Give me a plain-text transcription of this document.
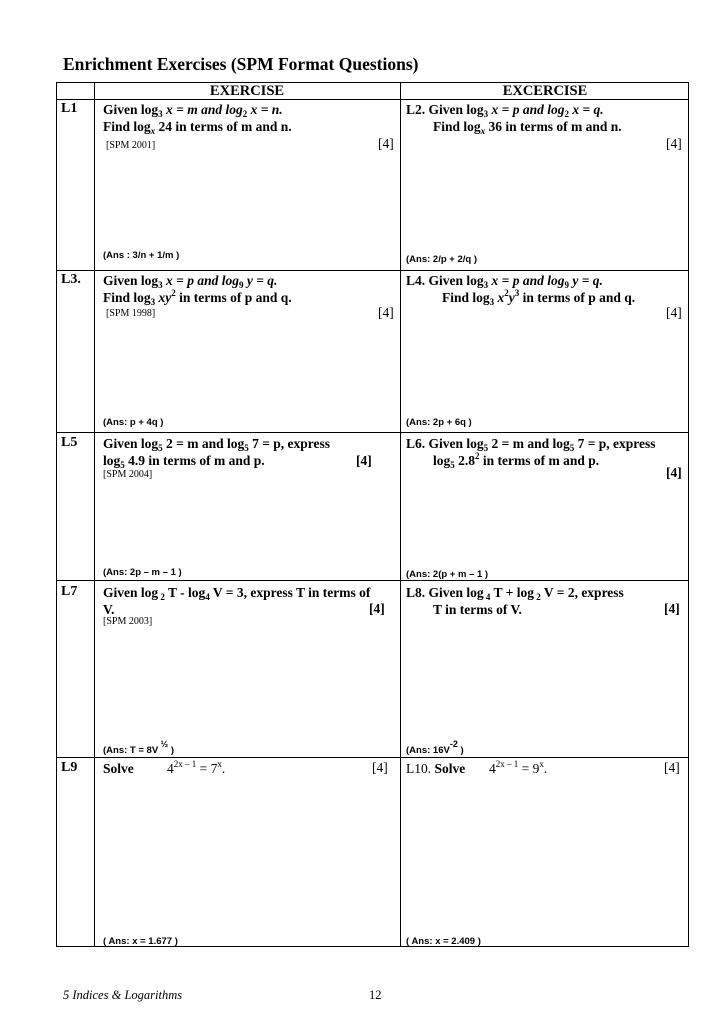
Enrichment Exercises (SPM Format Questions)
EXERCISE	EXCERCISE
L1 Given $\log_3 x = m$ and $\log_2 x = n$.
Find $\log_x 24$ in terms of m and n.
[SPM 2001]	[4]
(Ans : 3/n + 1/m )
L2. Given $\log_3 x = p$ and $\log_2 x = q$.
Find $\log_x 36$ in terms of m and n.
[4]
(Ans: 2/p + 2/q )
L3. Given $\log_3 x = p$ and $\log_9 y = q$.
Find $\log_3 xy^2$ in terms of p and q.
[SPM 1998]	[4]
(Ans: p + 4q )
L4. Given $\log_3 x = p$ and $\log_9 y = q$.
Find $\log_3 x^2y^3$ in terms of p and q.
[4]
(Ans: 2p + 6q )
L5 Given $\log_5 2 = m$ and $\log_5 7 = p$, express
$\log_5 4.9$ in terms of m and p.	[4]
[SPM 2004]
(Ans: 2p – m – 1 )
L6. Given $\log_5 2 = m$ and $\log_5 7 = p$, express
$\log_5 2.8^2$ in terms of m and p.
[4]
(Ans: 2(p + m – 1 )
L7 Given log $_2$ $T - \log_4 V = 3$, express T in terms of
V.	[4]
[SPM 2003]
(Ans: T = 8V $^{\frac{1}{2}}$ )
L8. Given log $_4$ T + log $_2$ V = 2, express
T in terms of V.	[4]
(Ans: $16V^{-2}$ )
L9 Solve $4^{2x - 1} = 7^x$.	[4]
( Ans: x = 1.677 )
L10. Solve $4^{2x - 1} = 9^x$.	[4]
( Ans: x = 2.409 )
5 Indices & Logarithms	12
